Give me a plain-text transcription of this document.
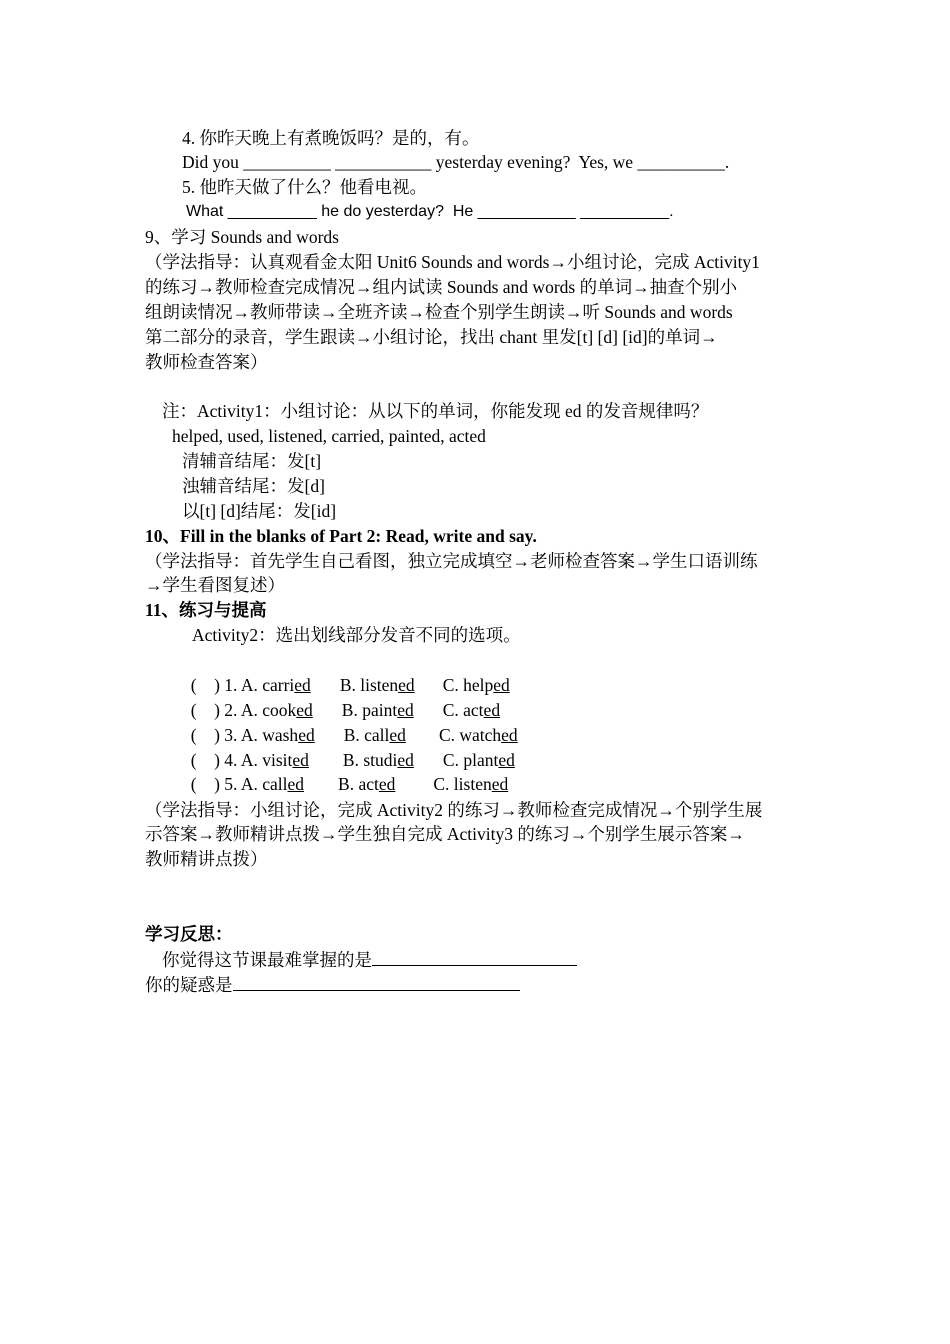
4. 你昨天晚上有煮晚饭吗？是的，有。
Did you __________ ___________ yesterday evening?  Yes, we __________.
5. 他昨天做了什么？他看电视。
What __________ he do yesterday?  He ___________ __________.
9、学习 Sounds and words
（学法指导：认真观看金太阳 Unit6 Sounds and words→小组讨论，完成 Activity1
的练习→教师检查完成情况→组内试读 Sounds and words 的单词→抽查个别小
组朗读情况→教师带读→全班齐读→检查个别学生朗读→听 Sounds and words
第二部分的录音，学生跟读→小组讨论，找出 chant 里发[t] [d] [id]的单词→
教师检查答案）
注：Activity1：小组讨论：从以下的单词，你能发现 ed 的发音规律吗？
helped, used, listened, carried, painted, acted
清辅音结尾：发[t]
浊辅音结尾：发[d]
以[t] [d]结尾：发[id]
10、Fill in the blanks of Part 2: Read, write and say.
（学法指导：首先学生自己看图，独立完成填空→老师检查答案→学生口语训练
→学生看图复述）
11、练习与提高
Activity2：选出划线部分发音不同的选项。

(    ) 1. A. carried B. listened C. helped

(    ) 2. A. cooked B. painted C. acted

(    ) 3. A. washed B. called C. watched

(    ) 4. A. visited B. studied C. planted

(    ) 5. A. called B. acted C. listened

（学法指导：小组讨论，完成 Activity2 的练习→教师检查完成情况→个别学生展
示答案→教师精讲点拨→学生独自完成 Activity3 的练习→个别学生展示答案→
教师精讲点拨）
学习反思：
你觉得这节课最难掌握的是
你的疑惑是
